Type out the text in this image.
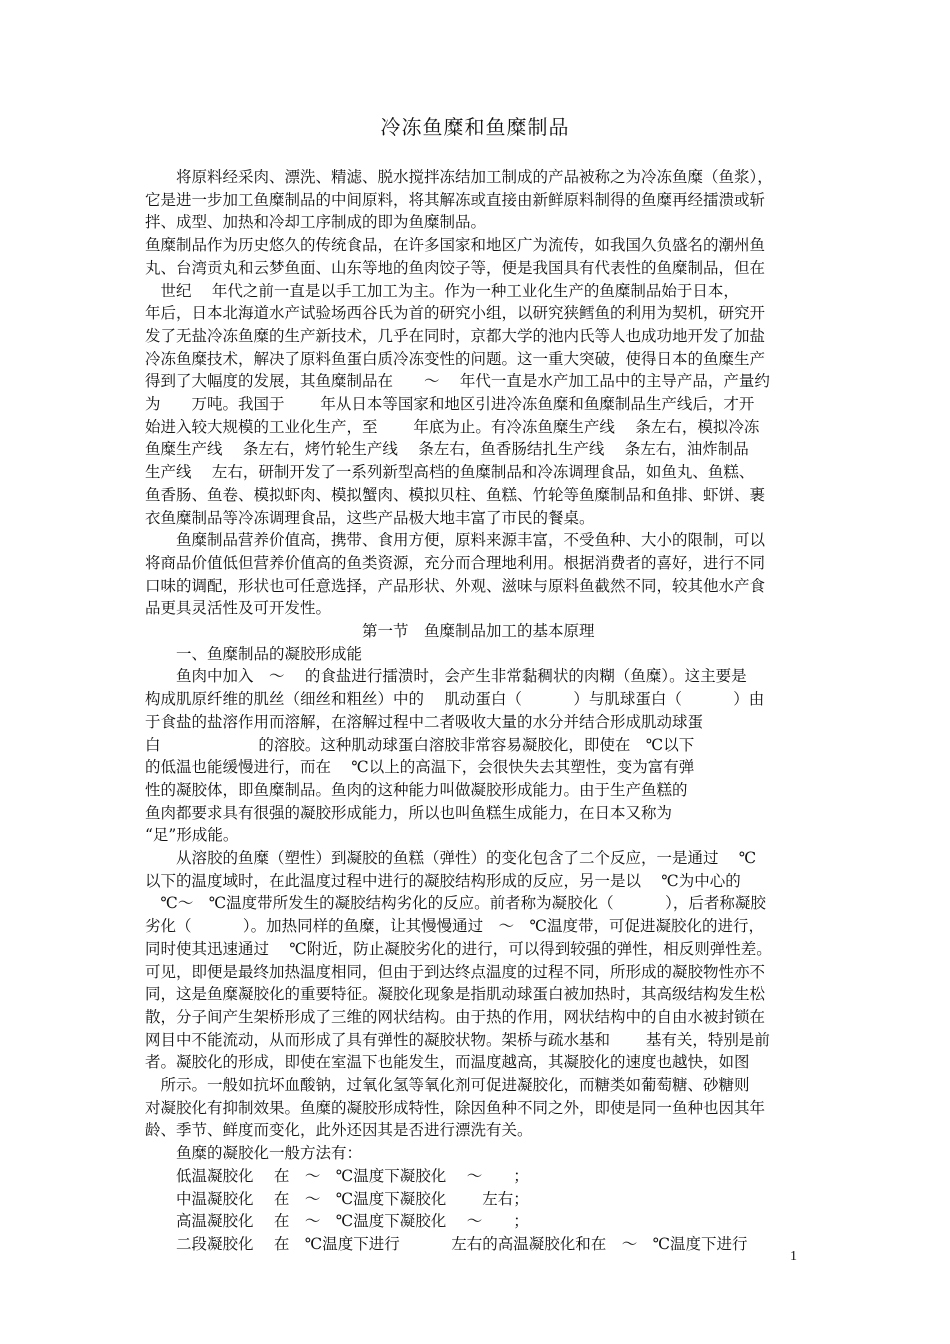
冷冻鱼糜和鱼糜制品
　　将原料经采肉、漂洗、精滤、脱水搅拌冻结加工制成的产品被称之为冷冻鱼糜（鱼浆），
它是进一步加工鱼糜制品的中间原料，将其解冻或直接由新鲜原料制得的鱼糜再经擂溃或斩
拌、成型、加热和冷却工序制成的即为鱼糜制品。
鱼糜制品作为历史悠久的传统食品，在许多国家和地区广为流传，如我国久负盛名的潮州鱼
丸、台湾贡丸和云梦鱼面、山东等地的鱼肉饺子等，便是我国具有代表性的鱼糜制品，但在
　世纪　 年代之前一直是以手工加工为主。作为一种工业化生产的鱼糜制品始于日本，
年后，日本北海道水产试验场西谷氏为首的研究小组，以研究狭鳕鱼的利用为契机，研究开
发了无盐冷冻鱼糜的生产新技术，几乎在同时，京都大学的池内氏等人也成功地开发了加盐
冷冻鱼糜技术，解决了原料鱼蛋白质冷冻变性的问题。这一重大突破，使得日本的鱼糜生产
得到了大幅度的发展，其鱼糜制品在　　～　 年代一直是水产加工品中的主导产品，产量约
为　　万吨。我国于　　 年从日本等国家和地区引进冷冻鱼糜和鱼糜制品生产线后，才开
始进入较大规模的工业化生产，至　　 年底为止。有冷冻鱼糜生产线　 条左右，模拟冷冻
鱼糜生产线　 条左右，烤竹轮生产线　 条左右，鱼香肠结扎生产线　 条左右，油炸制品
生产线　 左右，研制开发了一系列新型高档的鱼糜制品和冷冻调理食品，如鱼丸、鱼糕、
鱼香肠、鱼卷、模拟虾肉、模拟蟹肉、模拟贝柱、鱼糕、竹轮等鱼糜制品和鱼排、虾饼、裹
衣鱼糜制品等冷冻调理食品，这些产品极大地丰富了市民的餐桌。
　　鱼糜制品营养价值高，携带、食用方便，原料来源丰富，不受鱼种、大小的限制，可以
将商品价值低但营养价值高的鱼类资源，充分而合理地利用。根据消费者的喜好，进行不同
口味的调配，形状也可任意选择，产品形状、外观、滋味与原料鱼截然不同，较其他水产食
品更具灵活性及可开发性。
　　　　　　　　　　　　　　第一节　鱼糜制品加工的基本原理
　　一、鱼糜制品的凝胶形成能
　　鱼肉中加入　～　 的食盐进行擂溃时，会产生非常黏稠状的肉糊（鱼糜）。这主要是
构成肌原纤维的肌丝（细丝和粗丝）中的　 肌动蛋白（　　　 ）与肌球蛋白（　　　 ）由
于食盐的盐溶作用而溶解，在溶解过程中二者吸收大量的水分并结合形成肌动球蛋
白　　　　　　 的溶胶。这种肌动球蛋白溶胶非常容易凝胶化，即使在　℃以下
的低温也能缓慢进行，而在　 ℃以上的高温下，会很快失去其塑性，变为富有弹
性的凝胶体，即鱼糜制品。鱼肉的这种能力叫做凝胶形成能力。由于生产鱼糕的
鱼肉都要求具有很强的凝胶形成能力，所以也叫鱼糕生成能力，在日本又称为
“足”形成能。
　　从溶胶的鱼糜（塑性）到凝胶的鱼糕（弹性）的变化包含了二个反应，一是通过　 ℃
以下的温度域时，在此温度过程中进行的凝胶结构形成的反应，另一是以　 ℃为中心的
　℃～　℃温度带所发生的凝胶结构劣化的反应。前者称为凝胶化（　　　 ），后者称凝胶
劣化（　　　 ）。加热同样的鱼糜，让其慢慢通过　～　℃温度带，可促进凝胶化的进行，
同时使其迅速通过　 ℃附近，防止凝胶劣化的进行，可以得到较强的弹性，相反则弹性差。
可见，即便是最终加热温度相同，但由于到达终点温度的过程不同，所形成的凝胶物性亦不
同，这是鱼糜凝胶化的重要特征。凝胶化现象是指肌动球蛋白被加热时，其高级结构发生松
散，分子间产生架桥形成了三维的网状结构。由于热的作用，网状结构中的自由水被封锁在
网目中不能流动，从而形成了具有弹性的凝胶状物。架桥与疏水基和　　 基有关，特别是前
者。凝胶化的形成，即使在室温下也能发生，而温度越高，其凝胶化的速度也越快，如图
　所示。一般如抗坏血酸钠，过氧化氢等氧化剂可促进凝胶化，而糖类如葡萄糖、砂糖则
对凝胶化有抑制效果。鱼糜的凝胶形成特性，除因鱼种不同之外，即使是同一鱼种也因其年
龄、季节、鲜度而变化，此外还因其是否进行漂洗有关。
　　鱼糜的凝胶化一般方法有：
　　低温凝胶化　 在　～　℃温度下凝胶化　 ～　　；
　　中温凝胶化　 在　～　℃温度下凝胶化　　 左右；
　　高温凝胶化　 在　～　℃温度下凝胶化　 ～　　；
　　二段凝胶化　 在　℃温度下进行　　　 左右的高温凝胶化和在　～　℃温度下进行
1
